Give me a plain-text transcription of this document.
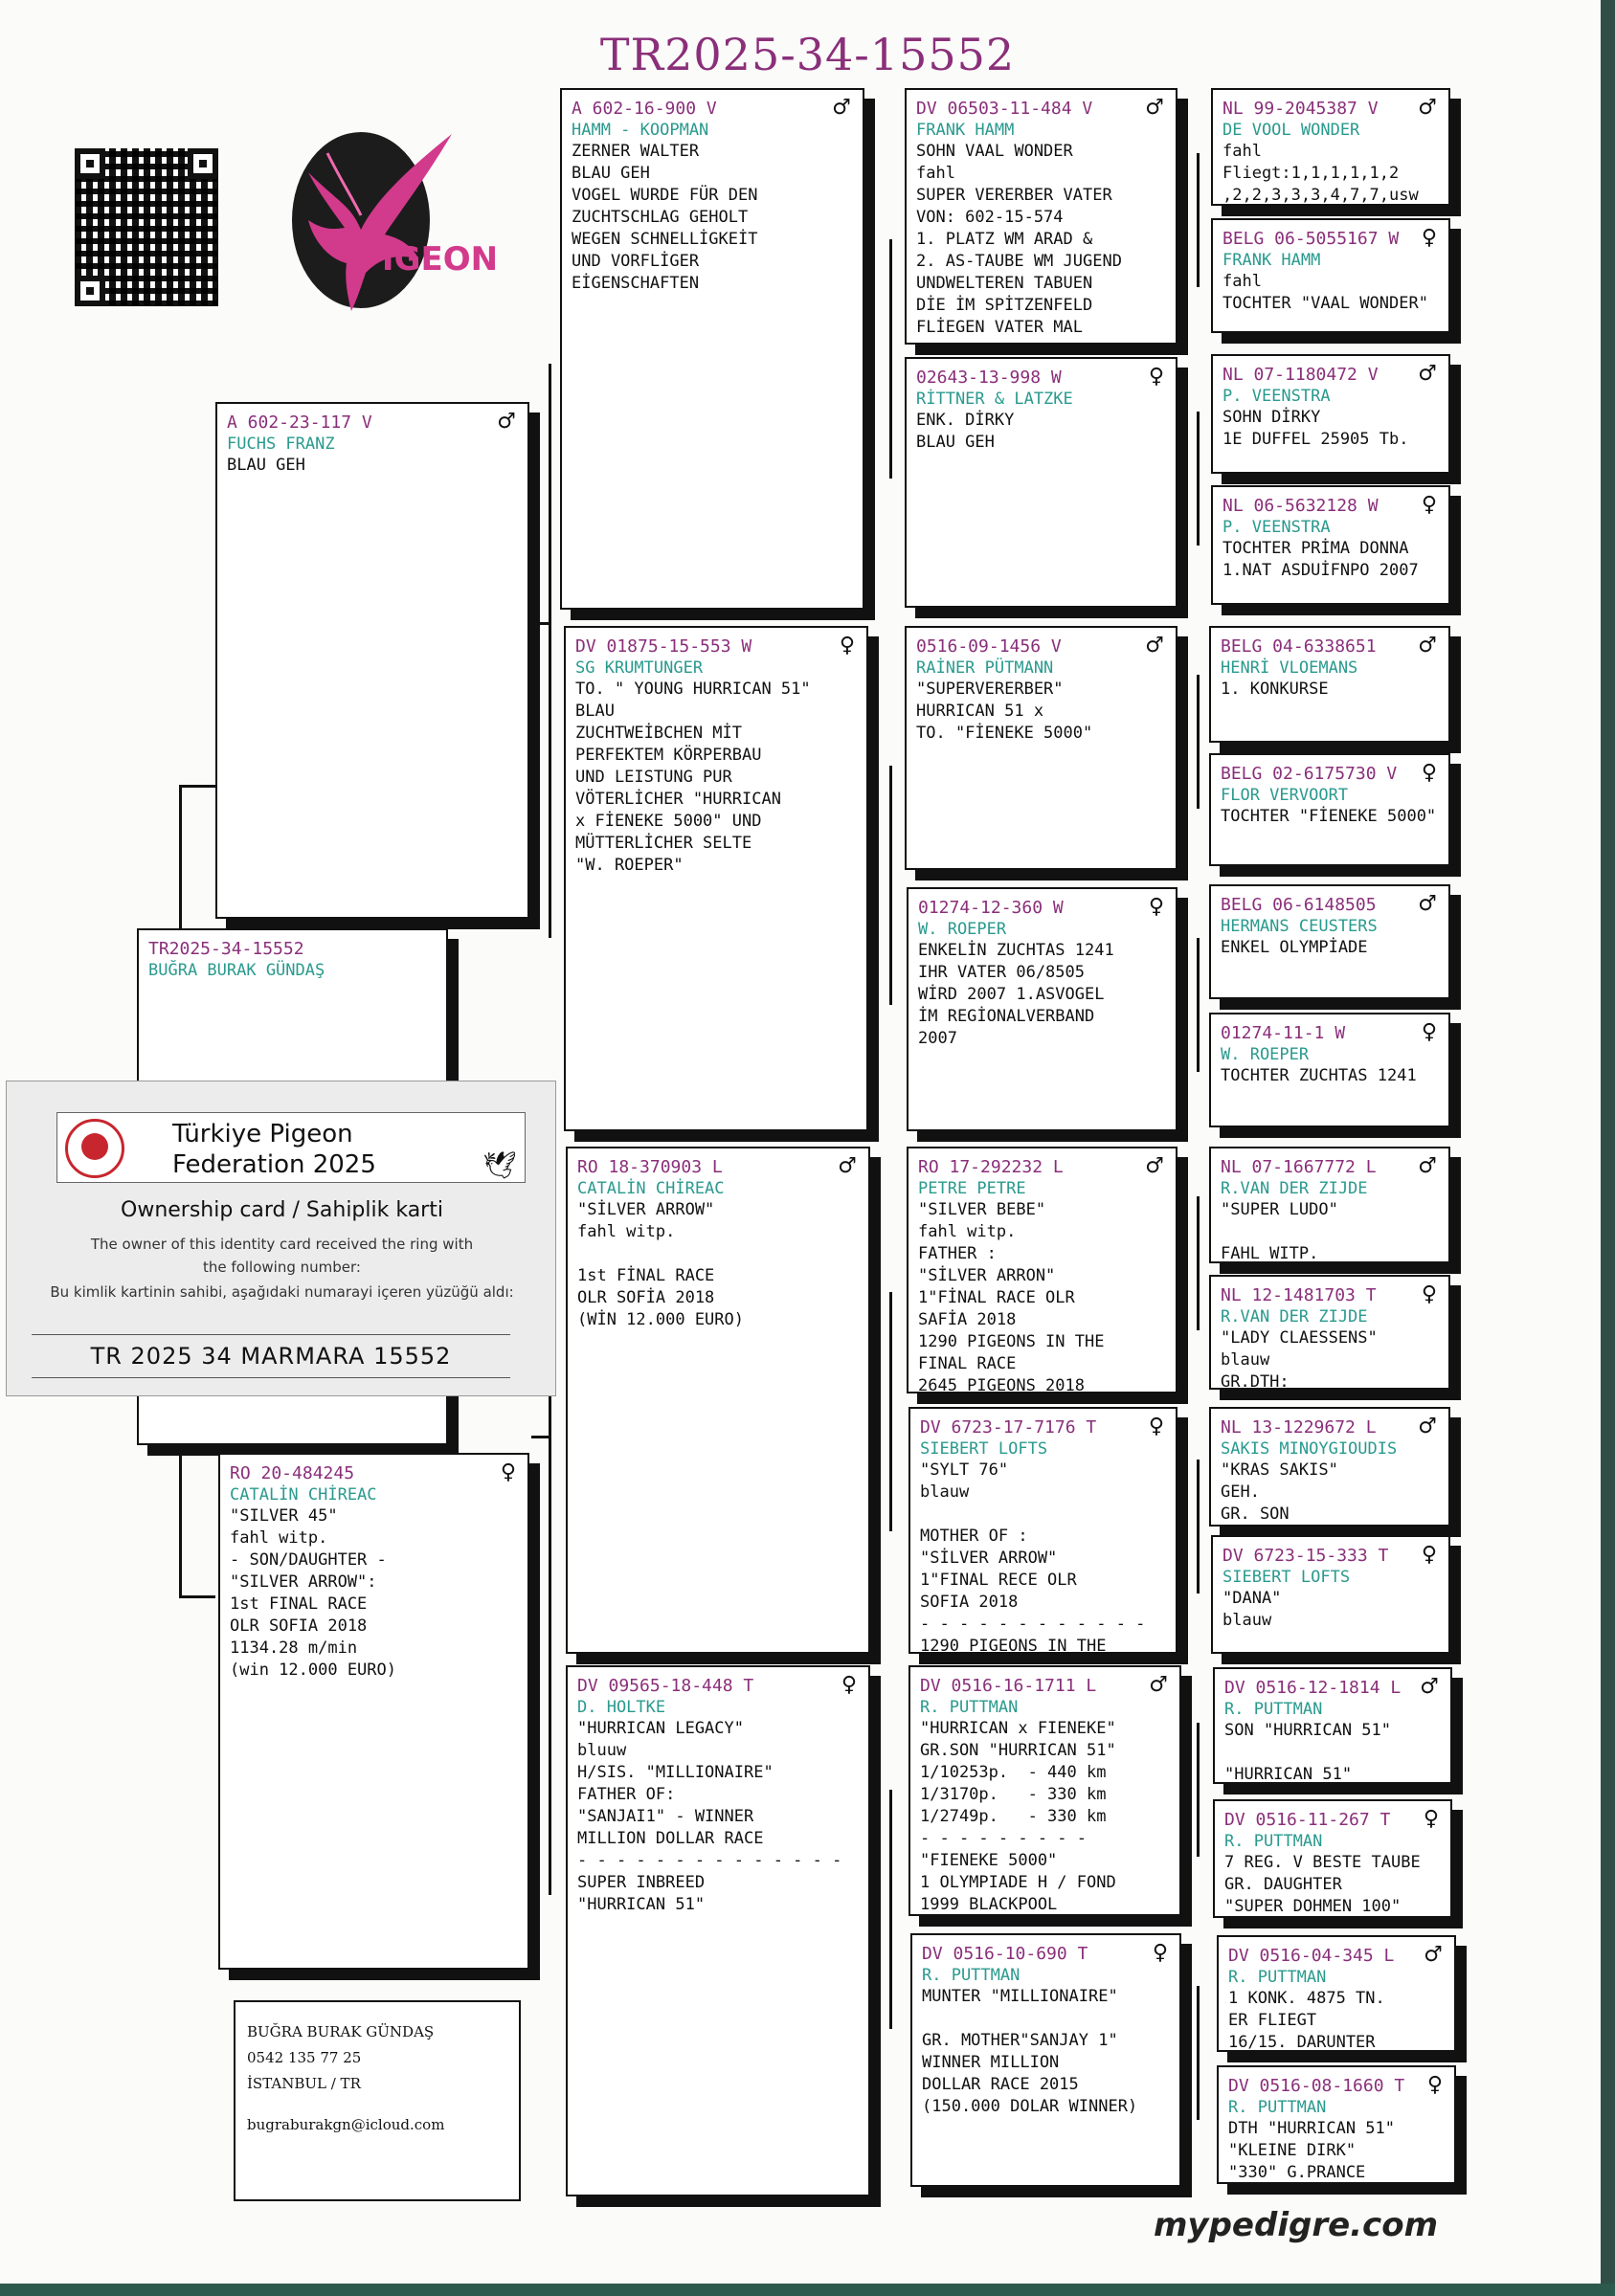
TR2025-34-15552
PIGEON
TR2025-34-15552
BUĞRA BURAK GÜNDAŞ
♂
A 602-23-117 V
FUCHS FRANZ
BLAU GEH
♀
RO 20-484245
CATALİN CHİREAC
"SILVER 45"
fahl witp.
- SON/DAUGHTER -
"SILVER ARROW":
1st FINAL RACE
OLR SOFIA 2018
1134.28 m/min
(win 12.000 EURO)
♂
A 602-16-900 V
HAMM - KOOPMAN
ZERNER WALTER
BLAU GEH
VOGEL WURDE FÜR DEN
ZUCHTSCHLAG GEHOLT
WEGEN SCHNELLİGKEİT
UND VORFLİGER
EİGENSCHAFTEN
♀
DV 01875-15-553 W
SG KRUMTUNGER
TO. " YOUNG HURRICAN 51"
BLAU
ZUCHTWEİBCHEN MİT
PERFEKTEM KÖRPERBAU
UND LEISTUNG PUR
VÖTERLİCHER "HURRICAN
x FİENEKE 5000" UND
MÜTTERLİCHER SELTE
"W. ROEPER"
♂
RO 18-370903 L
CATALİN CHİREAC
"SİLVER ARROW"
fahl witp.

1st FİNAL RACE
OLR SOFİA 2018
(WİN 12.000 EURO)
♀
DV 09565-18-448 T
D. HOLTKE
"HURRICAN LEGACY"
bluuw
H/SIS. "MILLIONAIRE"
FATHER OF:
"SANJAI1" - WINNER
MILLION DOLLAR RACE
- - - - - - - - - - - - - -
SUPER INBREED
"HURRICAN 51"
♂
DV 06503-11-484 V
FRANK HAMM
SOHN VAAL WONDER
fahl
SUPER VERERBER VATER
VON: 602-15-574
1. PLATZ WM ARAD &
2. AS-TAUBE WM JUGEND
UNDWELTEREN TABUEN
DİE İM SPİTZENFELD
FLİEGEN VATER MAL
♀
02643-13-998 W
RİTTNER & LATZKE
ENK. DİRKY
BLAU GEH
♂
0516-09-1456 V
RAİNER PÜTMANN
"SUPERVERERBER"
HURRICAN 51 x
TO. "FİENEKE 5000"
♀
01274-12-360 W
W. ROEPER
ENKELİN ZUCHTAS 1241
IHR VATER 06/8505
WİRD 2007 1.ASVOGEL
İM REGİONALVERBAND
2007
♂
RO 17-292232 L
PETRE PETRE
"SILVER BEBE"
fahl witp.
FATHER :
"SİLVER ARRON"
1"FİNAL RACE OLR
SAFİA 2018
1290 PIGEONS IN THE
FINAL RACE
2645 PIGEONS 2018
♀
DV 6723-17-7176 T
SIEBERT LOFTS
"SYLT 76"
blauw

MOTHER OF :
"SİLVER ARROW"
1"FINAL RECE OLR
SOFIA 2018
- - - - - - - - - - - -
1290 PIGEONS IN THE
♂
DV 0516-16-1711 L
R. PUTTMAN
"HURRICAN x FIENEKE"
GR.SON "HURRICAN 51"
1/10253p.  - 440 km
1/3170p.   - 330 km
1/2749p.   - 330 km
- - - - - - - - -
"FIENEKE 5000"
1 OLYMPIADE H / FOND
1999 BLACKPOOL
♀
DV 0516-10-690 T
R. PUTTMAN
MUNTER "MILLIONAIRE"

GR. MOTHER"SANJAY 1"
WINNER MILLION
DOLLAR RACE 2015
(150.000 DOLAR WINNER)
♂
NL 99-2045387 V
DE VOOL WONDER
fahl
Fliegt:1,1,1,1,1,2
,2,2,3,3,3,4,7,7,usw
♀
BELG 06-5055167 W
FRANK HAMM
fahl
TOCHTER "VAAL WONDER"
♂
NL 07-1180472 V
P. VEENSTRA
SOHN DİRKY
1E DUFFEL 25905 Tb.
♀
NL 06-5632128 W
P. VEENSTRA
TOCHTER PRİMA DONNA
1.NAT ASDUİFNPO 2007
♂
BELG 04-6338651
HENRİ VLOEMANS
1. KONKURSE
♀
BELG 02-6175730 V
FLOR VERVOORT
TOCHTER "FİENEKE 5000"
♂
BELG 06-6148505
HERMANS CEUSTERS
ENKEL OLYMPİADE
♀
01274-11-1 W
W. ROEPER
TOCHTER ZUCHTAS 1241
♂
NL 07-1667772 L
R.VAN DER ZIJDE
"SUPER LUDO"

FAHL WITP.
♀
NL 12-1481703 T
R.VAN DER ZIJDE
"LADY CLAESSENS"
blauw
GR.DTH:
♂
NL 13-1229672 L
SAKIS MINOYGIOUDIS
"KRAS SAKIS"
GEH.
GR. SON
♀
DV 6723-15-333 T
SIEBERT LOFTS
"DANA"
blauw
♂
DV 0516-12-1814 L
R. PUTTMAN
SON "HURRICAN 51"

"HURRICAN 51"
♀
DV 0516-11-267 T
R. PUTTMAN
7 REG. V BESTE TAUBE
GR. DAUGHTER
"SUPER DOHMEN 100"
♂
DV 0516-04-345 L
R. PUTTMAN
1 KONK. 4875 TN.
ER FLIEGT
16/15. DARUNTER
♀
DV 0516-08-1660 T
R. PUTTMAN
DTH "HURRICAN 51"
"KLEINE DIRK"
"330" G.PRANCE
Türkiye Pigeon
Federation 2025	🕊
Ownership card / Sahiplik karti
The owner of this identity card received the ring with
the following number:
Bu kimlik kartinin sahibi, aşağıdaki numarayi içeren yüzüğü aldı:
TR 2025 34 MARMARA 15552
BUĞRA BURAK GÜNDAŞ
0542 135 77 25
İSTANBUL / TR
bugraburakgn@icloud.com
mypedigre.com
